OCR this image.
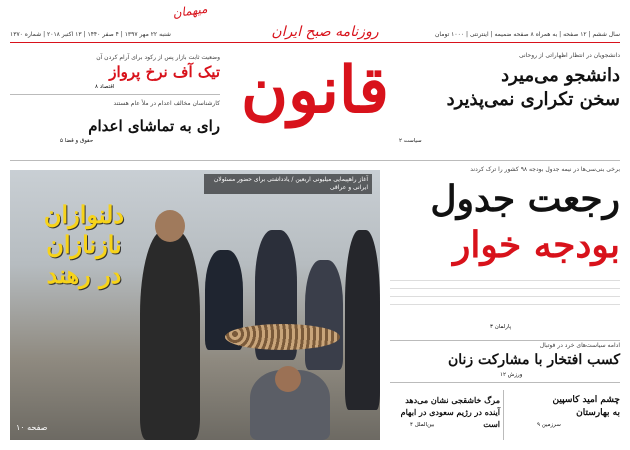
میهمان
سال ششم | ۱۲ صفحه | به همراه ۸ صفحه ضمیمه | اینترنتی | ۱۰۰۰ تومان
شنبه ۲۲ مهر ۱۳۹۷ | ۴ صفر ۱۴۴۰ | ۱۳ اکتبر ۲۰۱۸ | شماره ۱۳۷۰	روزنامه صبح ایران
قانون	دانشجویان در انتظار اظهاراتی از روحانی
دانشجو می‌میرد
سخن تکراری نمی‌پذیرد
سیاست ۲
وضعیت ثابت بازار پس از رکود برای آرام کردن آن
تیک آف نرخ پرواز
اقتصاد ۸
کارشناسان مخالف اعدام در ملأ عام هستند
رای به تماشای اعدام
حقوق و قضا ۵
آغاز راهپیمایی میلیونی اربعین / یادداشتی برای حضور مسئولان ایرانی و عراقی
دلنوازان
نازنازان
در رهند
صفحه ۱۰
برخی بنی‌سی‌ها در نیمه جدول بودجه ۹۸ کشور را ترک کردند
رجعت جدول
بودجه خوار
پارلمان ۳
ادامه سیاست‌های خرد در فوتبال
کسب افتخار با مشارکت زنان
ورزش ۱۲
مرگ خاشقجی نشان می‌دهد
آینده در رژیم سعودی در ابهام است
بین‌الملل ۴
چشم امید کاسپین
به بهارستان
سرزمین ۹
